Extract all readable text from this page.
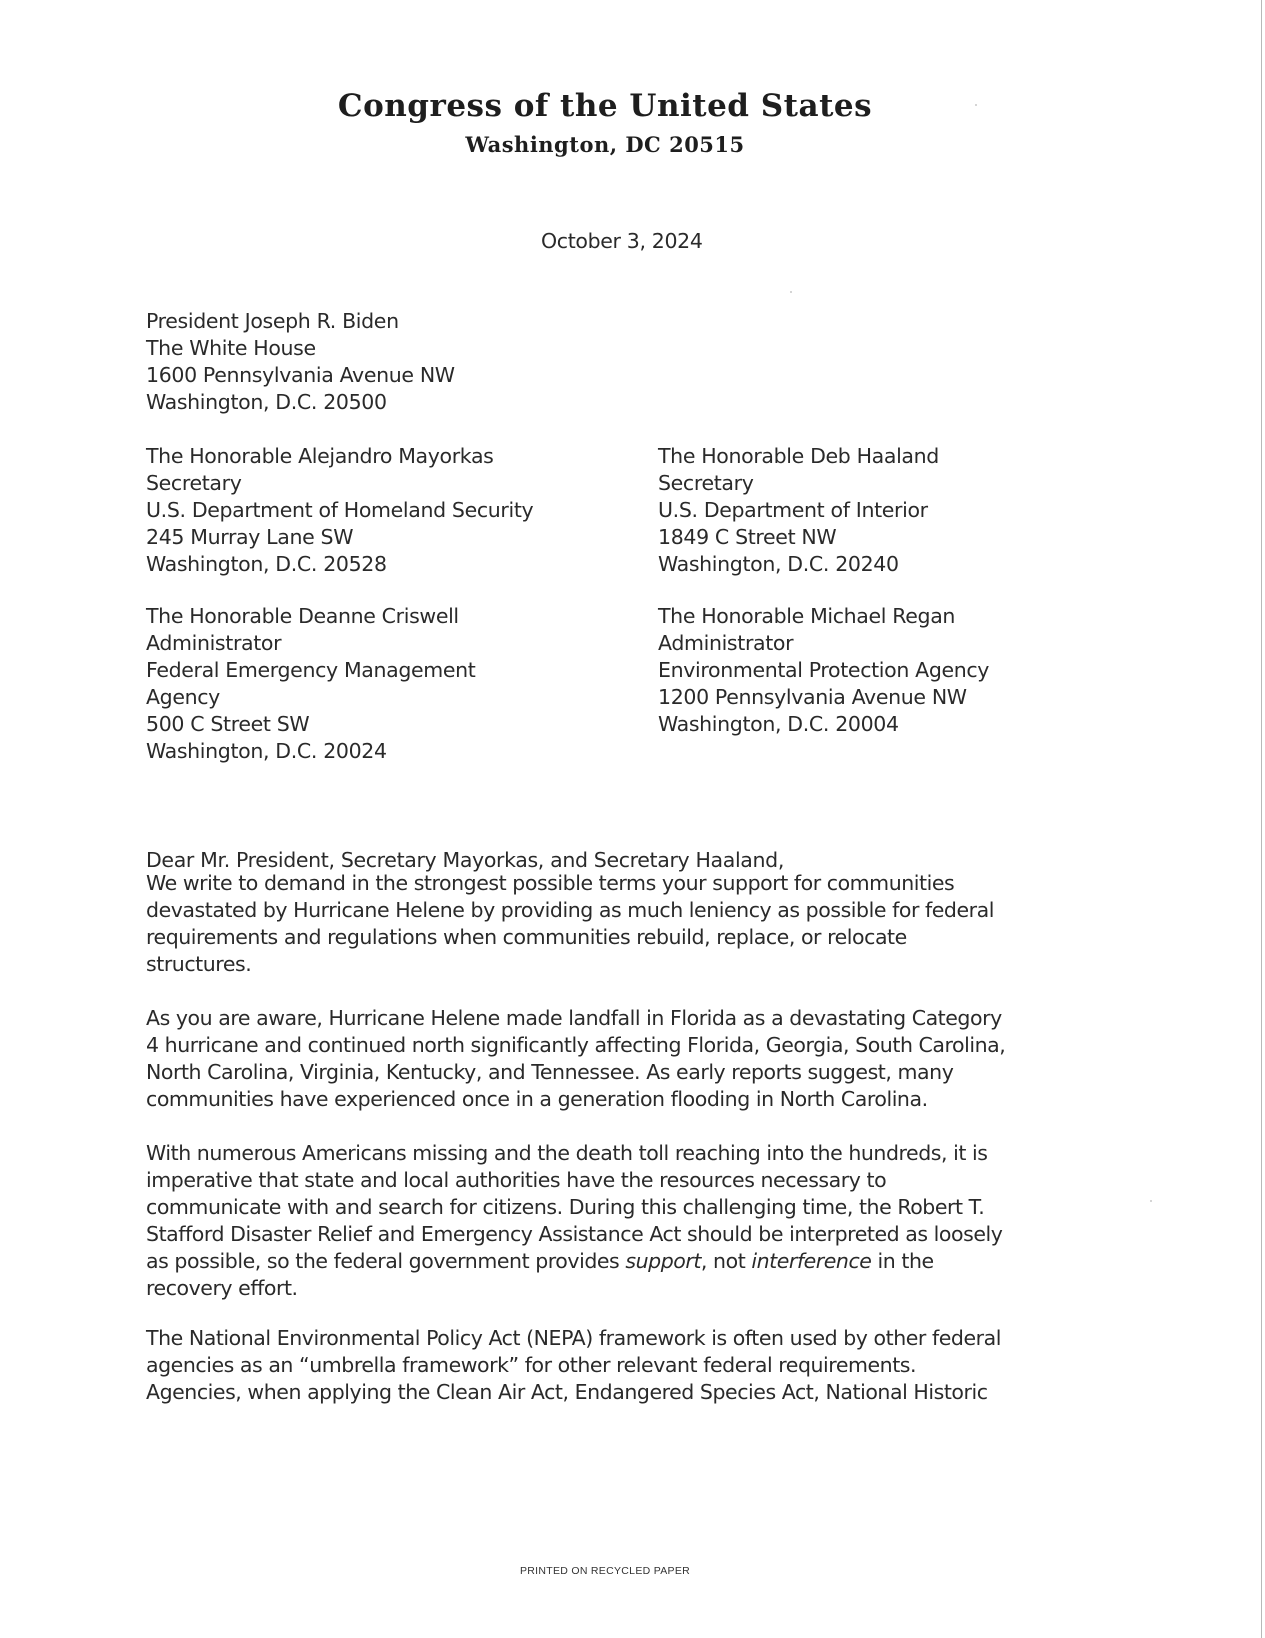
Congress of the United States
Washington, DC 20515
October 3, 2024
President Joseph R. Biden
The White House
1600 Pennsylvania Avenue NW
Washington, D.C. 20500
The Honorable Alejandro Mayorkas
Secretary
U.S. Department of Homeland Security
245 Murray Lane SW
Washington, D.C. 20528
The Honorable Deanne Criswell
Administrator
Federal Emergency Management
Agency
500 C Street SW
Washington, D.C. 20024
The Honorable Deb Haaland
Secretary
U.S. Department of Interior
1849 C Street NW
Washington, D.C. 20240
The Honorable Michael Regan
Administrator
Environmental Protection Agency
1200 Pennsylvania Avenue NW
Washington, D.C. 20004
Dear Mr. President, Secretary Mayorkas, and Secretary Haaland,
We write to demand in the strongest possible terms your support for communities
devastated by Hurricane Helene by providing as much leniency as possible for federal
requirements and regulations when communities rebuild, replace, or relocate
structures.
As you are aware, Hurricane Helene made landfall in Florida as a devastating Category
4 hurricane and continued north significantly affecting Florida, Georgia, South Carolina,
North Carolina, Virginia, Kentucky, and Tennessee. As early reports suggest, many
communities have experienced once in a generation flooding in North Carolina.
With numerous Americans missing and the death toll reaching into the hundreds, it is
imperative that state and local authorities have the resources necessary to
communicate with and search for citizens. During this challenging time, the Robert T.
Stafford Disaster Relief and Emergency Assistance Act should be interpreted as loosely
as possible, so the federal government provides support, not interference in the
recovery effort.
The National Environmental Policy Act (NEPA) framework is often used by other federal
agencies as an “umbrella framework” for other relevant federal requirements.
Agencies, when applying the Clean Air Act, Endangered Species Act, National Historic
PRINTED ON RECYCLED PAPER
